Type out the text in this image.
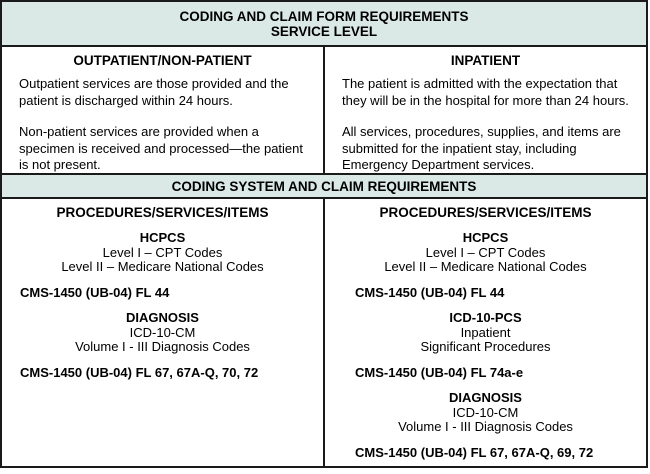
CODING AND CLAIM FORM REQUIREMENTS
SERVICE LEVEL
OUTPATIENT/NON-PATIENT

Outpatient services are those provided and the patient is discharged within 24 hours.

Non-patient services are provided when a specimen is received and processed—the patient is not present.

INPATIENT

The patient is admitted with the expectation that they will be in the hospital for more than 24 hours.

All services, procedures, supplies, and items are submitted for the inpatient stay, including Emergency Department services.

CODING SYSTEM AND CLAIM REQUIREMENTS
PROCEDURES/SERVICES/ITEMS
HCPCS
Level I – CPT Codes
Level II – Medicare National Codes
CMS-1450 (UB-04) FL 44
DIAGNOSIS
ICD-10-CM
Volume I - III Diagnosis Codes
CMS-1450 (UB-04) FL 67, 67A-Q, 70, 72
PROCEDURES/SERVICES/ITEMS
HCPCS
Level I – CPT Codes
Level II – Medicare National Codes
CMS-1450 (UB-04) FL 44
ICD-10-PCS
Inpatient
Significant Procedures
CMS-1450 (UB-04) FL 74a-e
DIAGNOSIS
ICD-10-CM
Volume I - III Diagnosis Codes
CMS-1450 (UB-04) FL 67, 67A-Q, 69, 72
